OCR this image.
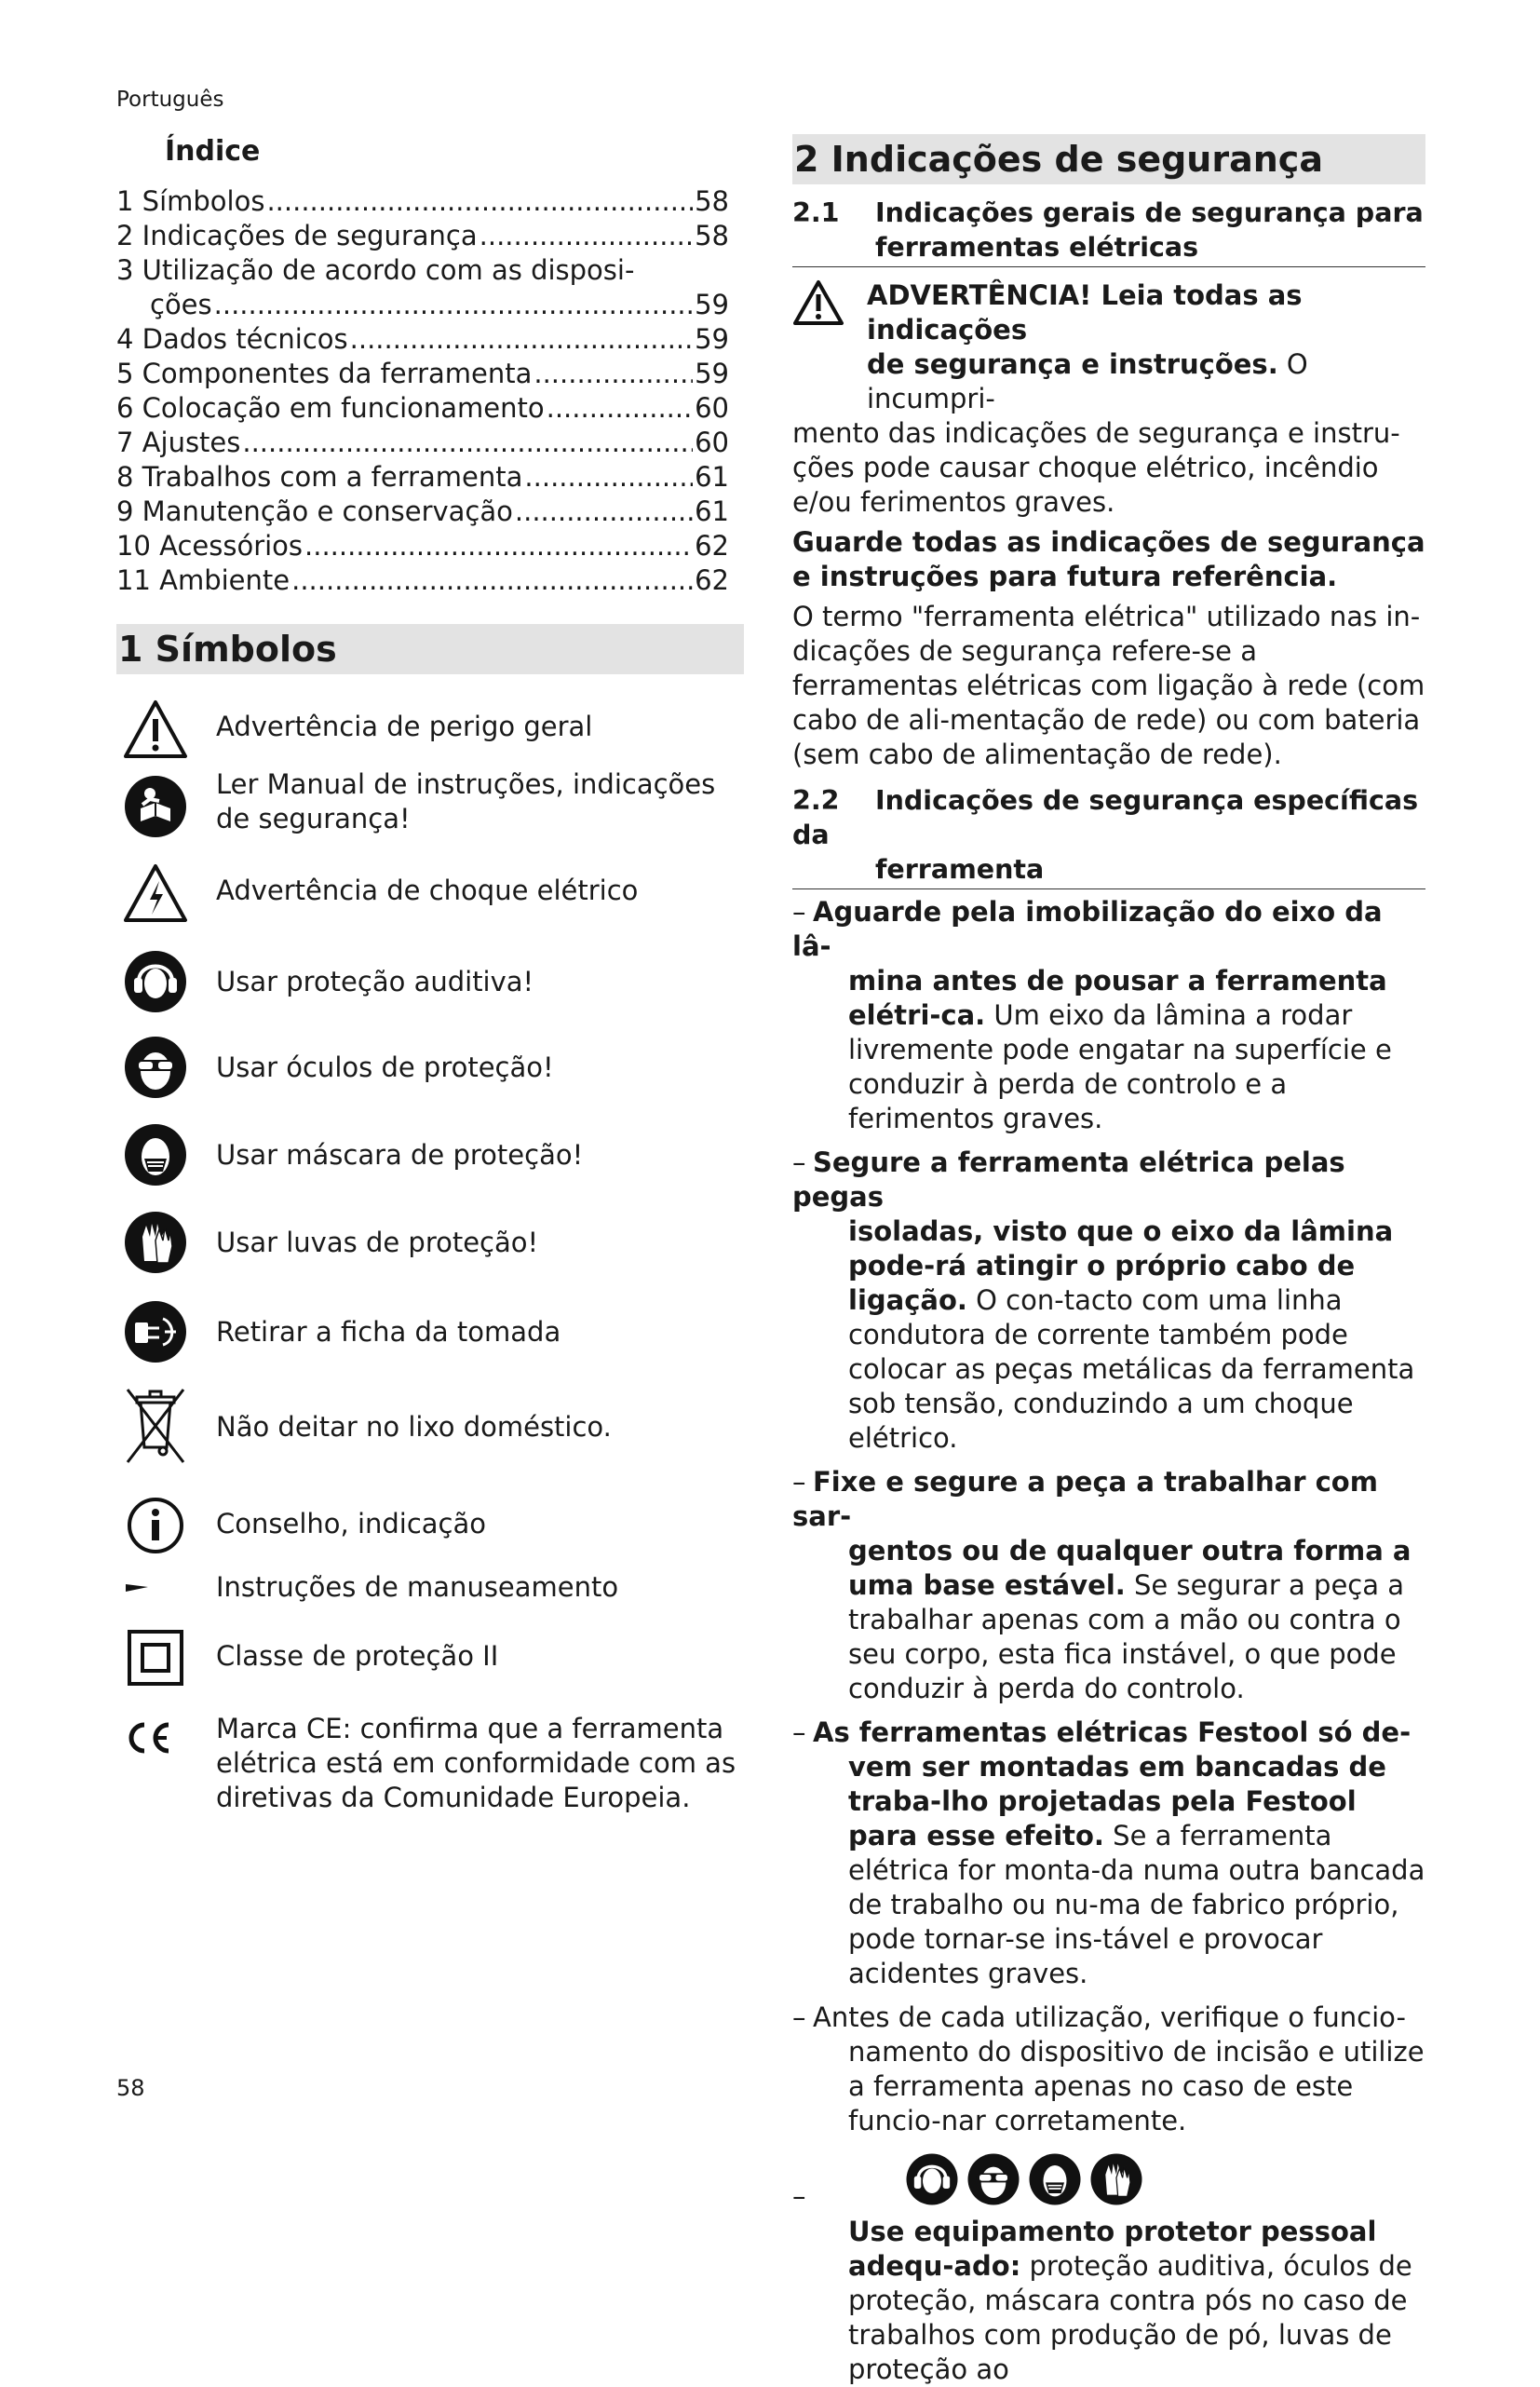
Português
Índice
1 Símbolos .....	58
2 Indicações de segurança .....	58
3 Utilização de acordo com as disposi-
ções .....	59
4 Dados técnicos .....	59
5 Componentes da ferramenta .....	59
6 Colocação em funcionamento .....	60
7 Ajustes .....	60
8 Trabalhos com a ferramenta .....	61
9 Manutenção e conservação .....	61
10 Acessórios .....	62
11 Ambiente .....	62
1 Símbolos
Advertência de perigo geral
Ler Manual de instruções, indicações de segurança!
Advertência de choque elétrico
Usar proteção auditiva!
Usar óculos de proteção!
Usar máscara de proteção!
Usar luvas de proteção!
Retirar a ficha da tomada
Não deitar no lixo doméstico.
Conselho, indicação
Instruções de manuseamento
Classe de proteção II
Marca CE: confirma que a ferramenta elétrica está em conformidade com as diretivas da Comunidade Europeia.
2 Indicações de segurança
2.1 Indicações gerais de segurança para
ferramentas elétricas

ADVERTÊNCIA! Leia todas as indicações

de segurança e instruções. O incumpri-

mento das indicações de segurança e instru-ções pode causar choque elétrico, incêndio e/ou ferimentos graves.

Guarde todas as indicações de segurança e instruções para futura referência.

O termo "ferramenta elétrica" utilizado nas in-dicações de segurança refere-se a ferramentas elétricas com ligação à rede (com cabo de ali-mentação de rede) ou com bateria (sem cabo de alimentação de rede).

2.2 Indicações de segurança específicas da
ferramenta
– Aguarde pela imobilização do eixo da lâ-
mina antes de pousar a ferramenta elétri-ca. Um eixo da lâmina a rodar livremente pode engatar na superfície e conduzir à perda de controlo e a ferimentos graves.
– Segure a ferramenta elétrica pelas pegas
isoladas, visto que o eixo da lâmina pode-rá atingir o próprio cabo de ligação. O con-tacto com uma linha condutora de corrente também pode colocar as peças metálicas da ferramenta sob tensão, conduzindo a um choque elétrico.
– Fixe e segure a peça a trabalhar com sar-
gentos ou de qualquer outra forma a uma base estável. Se segurar a peça a trabalhar apenas com a mão ou contra o seu corpo, esta fica instável, o que pode conduzir à perda do controlo.
– As ferramentas elétricas Festool só de-
vem ser montadas em bancadas de traba-lho projetadas pela Festool para esse efeito. Se a ferramenta elétrica for monta-da numa outra bancada de trabalho ou nu-ma de fabrico próprio, pode tornar-se ins-tável e provocar acidentes graves.
– Antes de cada utilização, verifique o funcio-
namento do dispositivo de incisão e utilize a ferramenta apenas no caso de este funcio-nar corretamente.
–
Use equipamento protetor pessoal adequ-ado: proteção auditiva, óculos de proteção, máscara contra pós no caso de trabalhos com produção de pó, luvas de proteção ao
58
